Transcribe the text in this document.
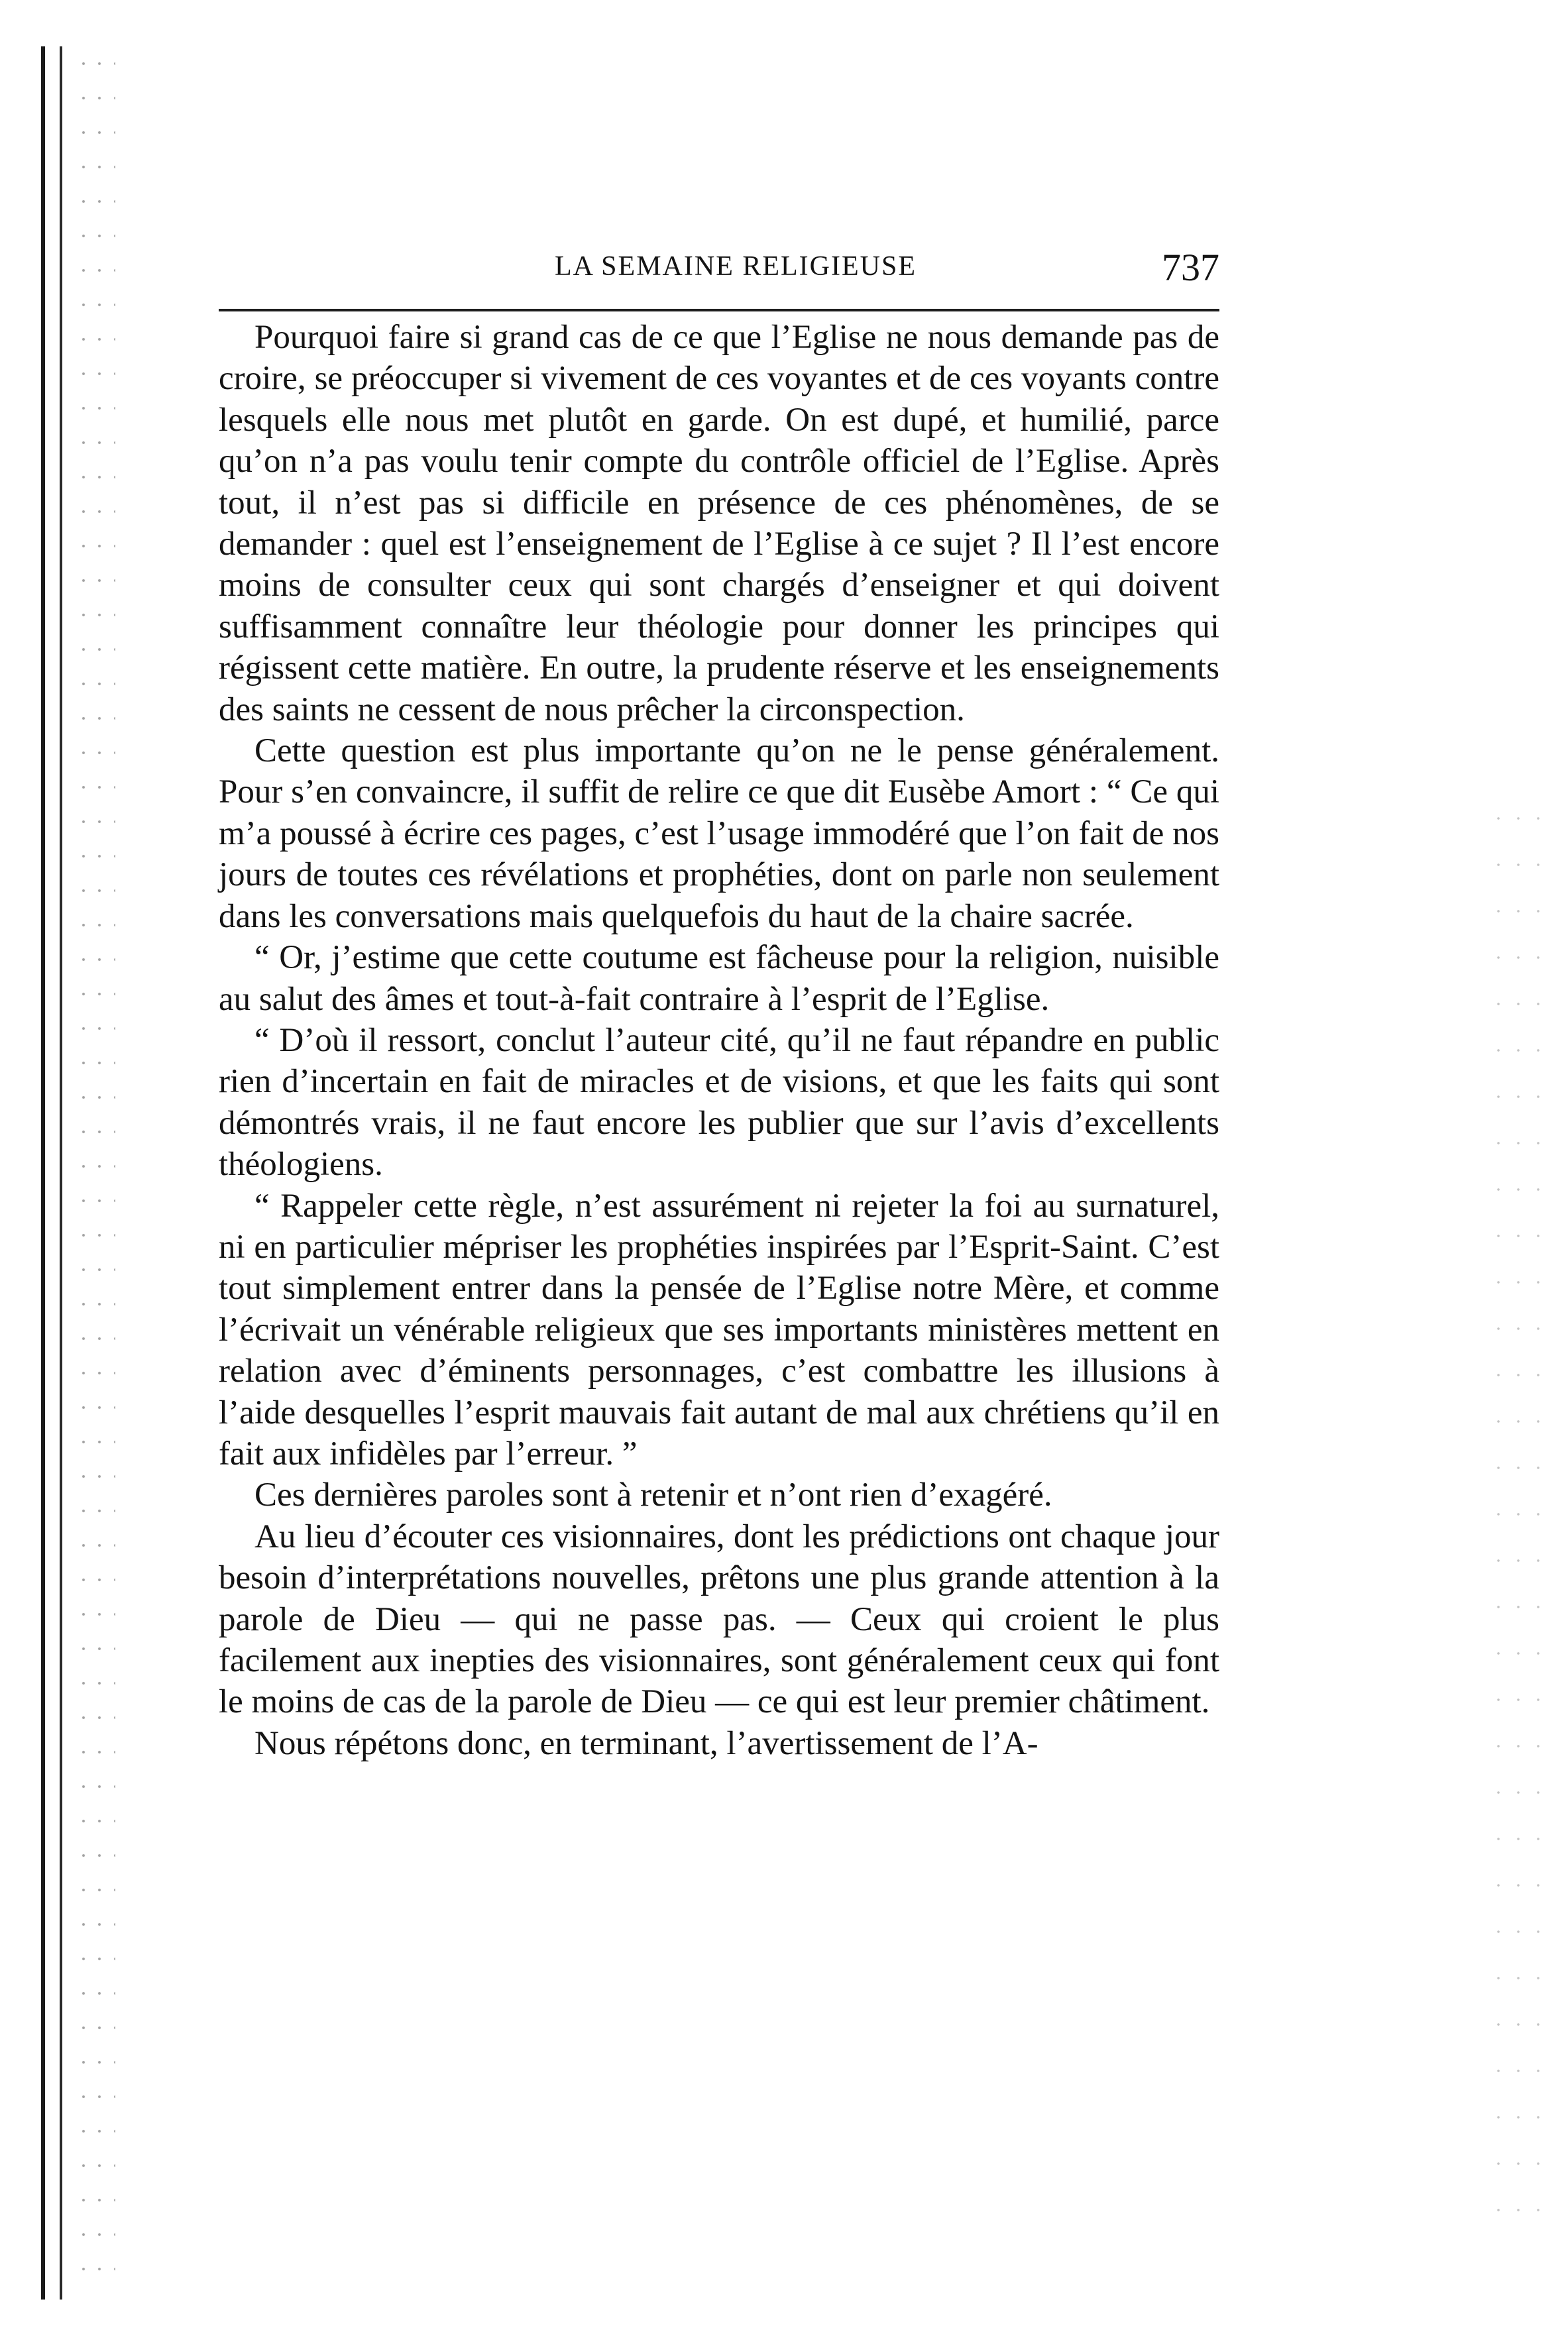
LA SEMAINE RELIGIEUSE	737

Pourquoi faire si grand cas de ce que l’Eglise ne nous demande pas de croire, se préoccuper si vivement de ces voyantes et de ces voyants contre lesquels elle nous met plutôt en garde. On est dupé, et humilié, parce qu’on n’a pas voulu tenir compte du contrôle officiel de l’Eglise. Après tout, il n’est pas si difficile en présence de ces phénomènes, de se demander : quel est l’enseignement de l’Eglise à ce sujet ? Il l’est encore moins de consulter ceux qui sont chargés d’enseigner et qui doivent suffisamment connaître leur théologie pour donner les principes qui régissent cette matière. En outre, la prudente réserve et les enseignements des saints ne cessent de nous prêcher la circonspection.

Cette question est plus importante qu’on ne le pense généralement. Pour s’en convaincre, il suffit de relire ce que dit Eusèbe Amort : “ Ce qui m’a poussé à écrire ces pages, c’est l’usage immodéré que l’on fait de nos jours de toutes ces révélations et prophéties, dont on parle non seulement dans les conversations mais quelquefois du haut de la chaire sacrée.

“ Or, j’estime que cette coutume est fâcheuse pour la religion, nuisible au salut des âmes et tout-à-fait contraire à l’esprit de l’Eglise.

“ D’où il ressort, conclut l’auteur cité, qu’il ne faut répandre en public rien d’incertain en fait de miracles et de visions, et que les faits qui sont démontrés vrais, il ne faut encore les publier que sur l’avis d’excellents théologiens.

“ Rappeler cette règle, n’est assurément ni rejeter la foi au surnaturel, ni en particulier mépriser les prophéties inspirées par l’Esprit-Saint. C’est tout simplement entrer dans la pensée de l’Eglise notre Mère, et comme l’écrivait un vénérable religieux que ses importants ministères mettent en relation avec d’éminents personnages, c’est combattre les illusions à l’aide desquelles l’esprit mauvais fait autant de mal aux chrétiens qu’il en fait aux infidèles par l’erreur. ”

Ces dernières paroles sont à retenir et n’ont rien d’exagéré.

Au lieu d’écouter ces visionnaires, dont les prédictions ont chaque jour besoin d’interprétations nouvelles, prêtons une plus grande attention à la parole de Dieu — qui ne passe pas. — Ceux qui croient le plus facilement aux inepties des visionnaires, sont généralement ceux qui font le moins de cas de la parole de Dieu — ce qui est leur premier châtiment.

Nous répétons donc, en terminant, l’avertissement de l’A-
